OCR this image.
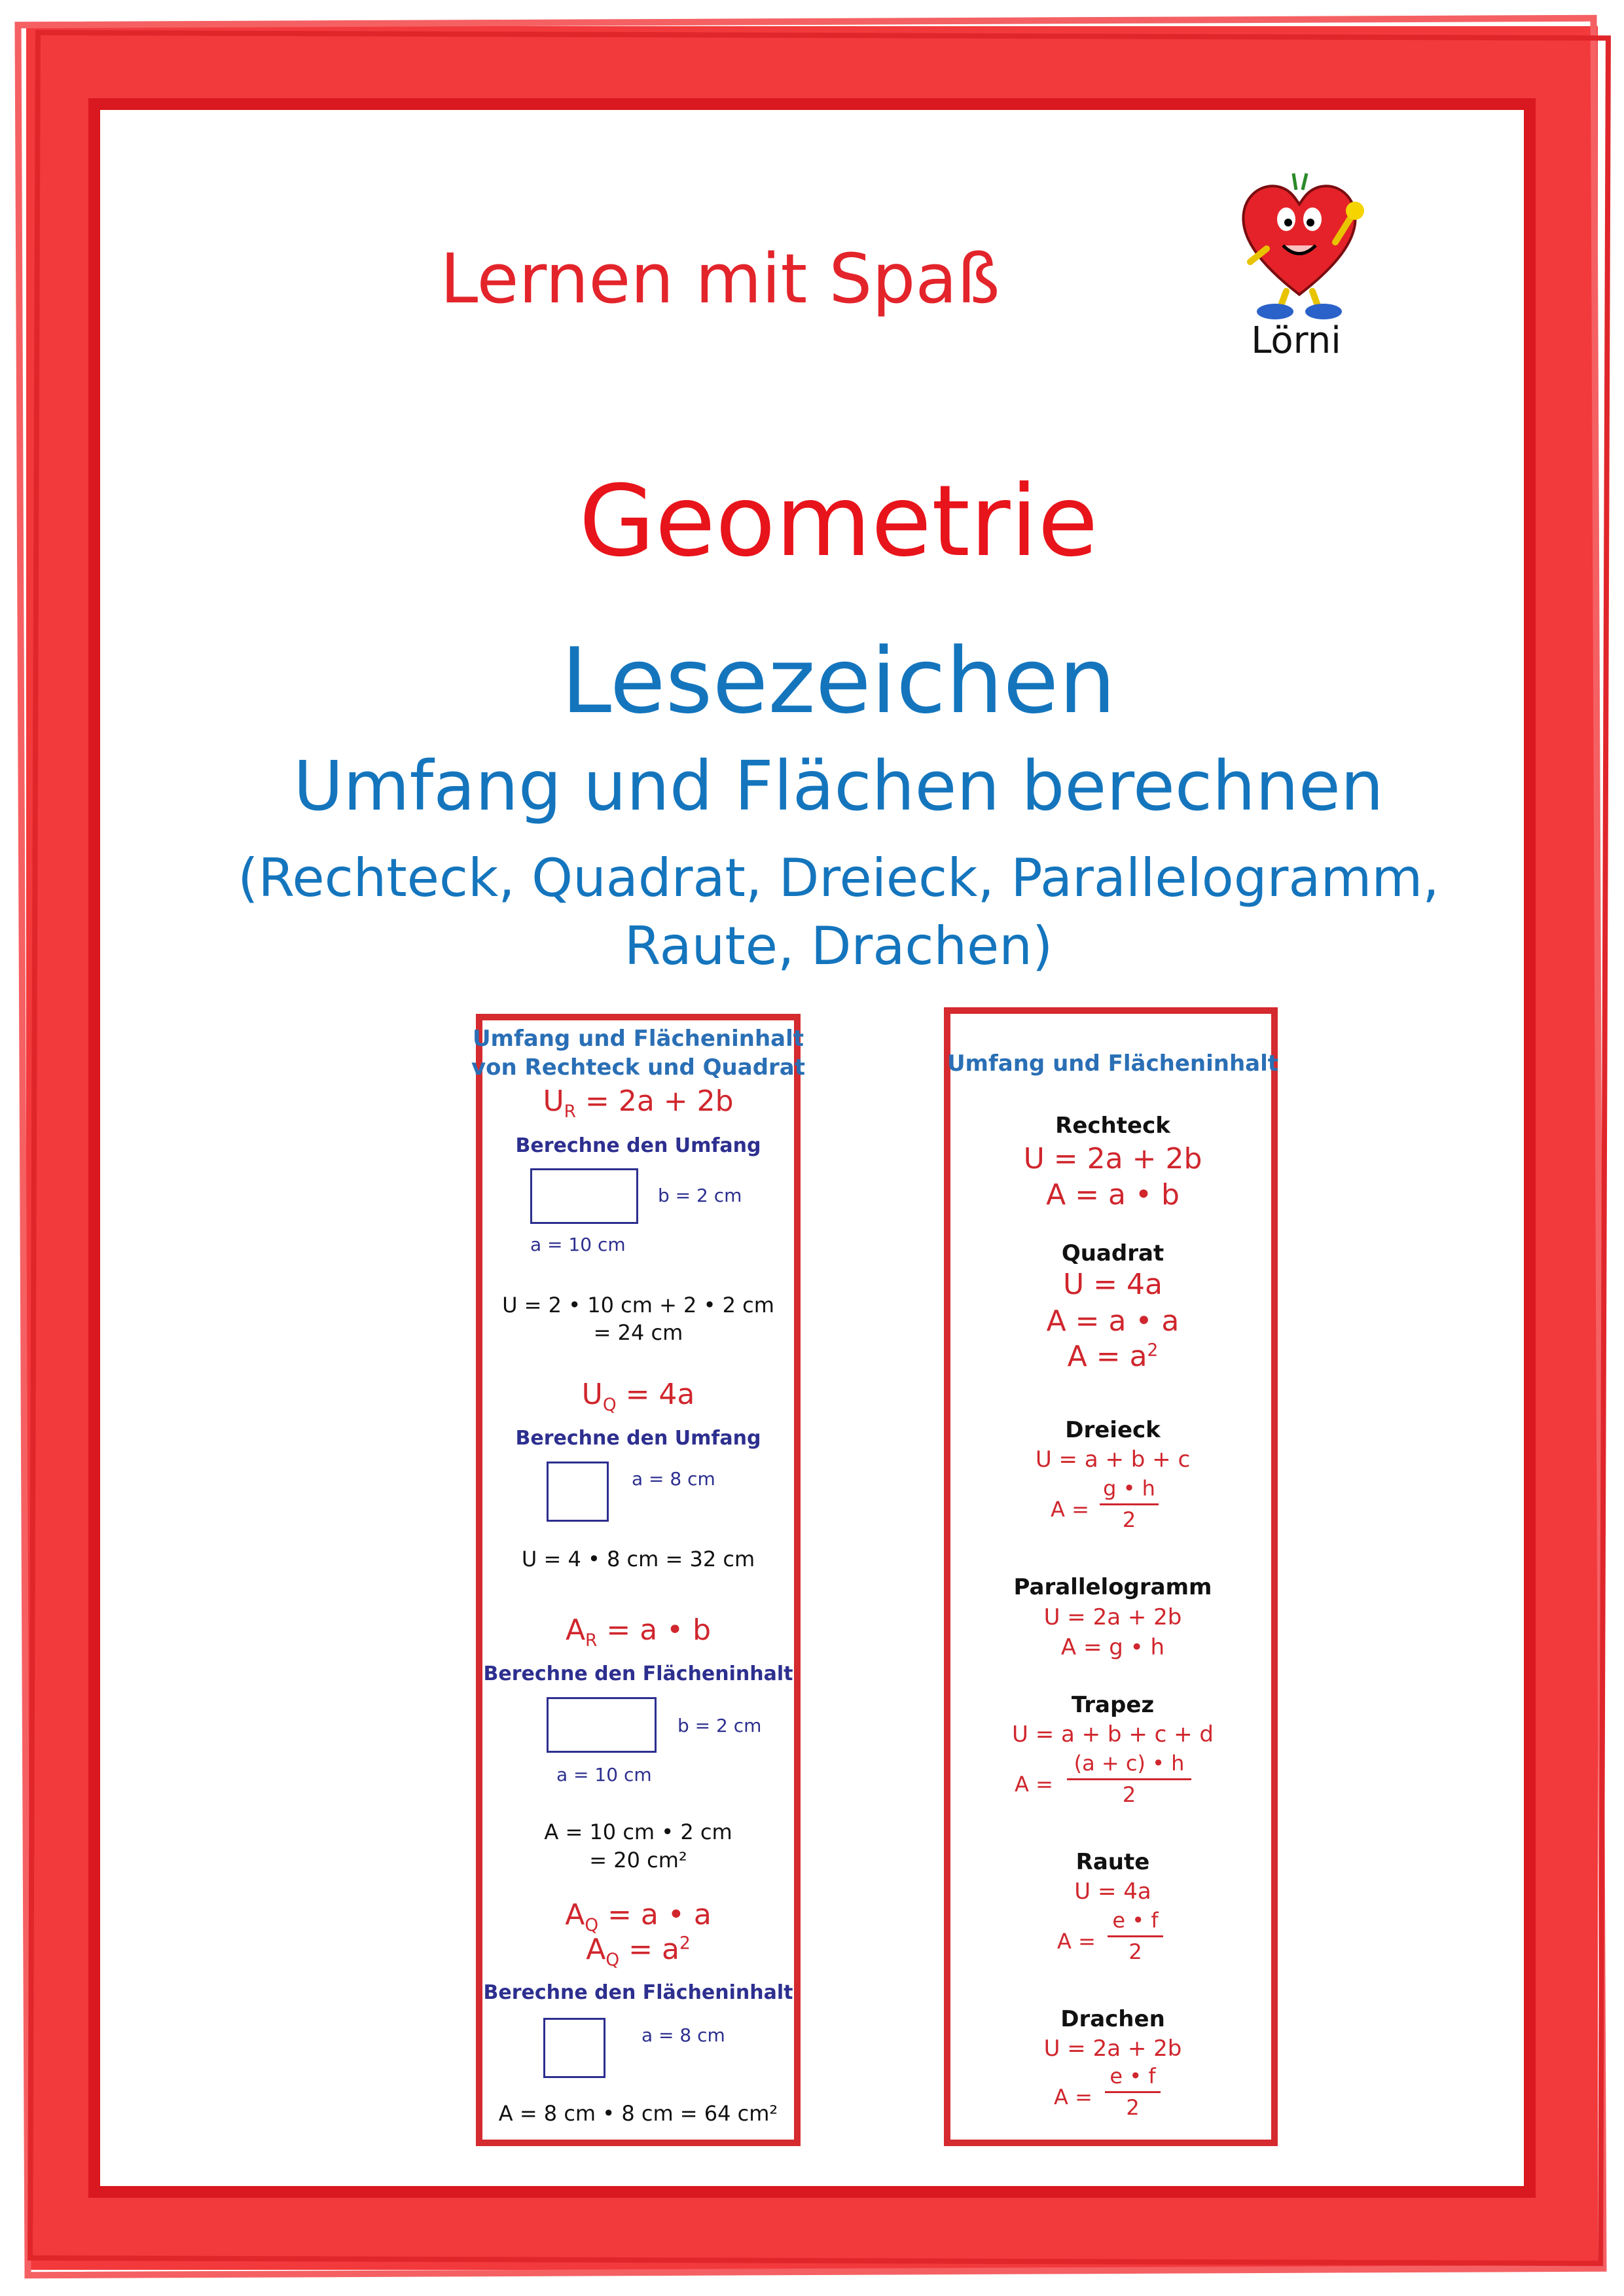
Lernen mit Spaß
Lörni
Geometrie
Lesezeichen
Umfang und Flächen berechnen
(Rechteck, Quadrat, Dreieck, Parallelogramm,
Raute, Drachen)
Umfang und Flächeninhalt
von Rechteck und Quadrat
$U_R = 2a + 2b$
Berechne den Umfang
b = 2 cm
a = 10 cm
U = 2 • 10 cm + 2 • 2 cm
= 24 cm
$U_Q = 4a$
Berechne den Umfang
a = 8 cm
U = 4 • 8 cm = 32 cm
$A_R = a$ • b
Berechne den Flächeninhalt
b = 2 cm
a = 10 cm
A = 10 cm • 2 cm
= 20 cm²
$A_Q = a$ • a
$A_Q = a^2$
Berechne den Flächeninhalt
a = 8 cm
A = 8 cm • 8 cm = 64 cm²
Umfang und Flächeninhalt
Rechteck
U = 2a + 2b
A = a • b
Quadrat
U = 4a
A = a • a
$A = a^2$
Dreieck
U = a + b + c
A =
g • h
2
Parallelogramm
U = 2a + 2b
A = g • h
Trapez
U = a + b + c + d
A =
(a + c) • h
2
Raute
U = 4a
A =
e • f
2
Drachen
U = 2a + 2b
A =
e • f
2
